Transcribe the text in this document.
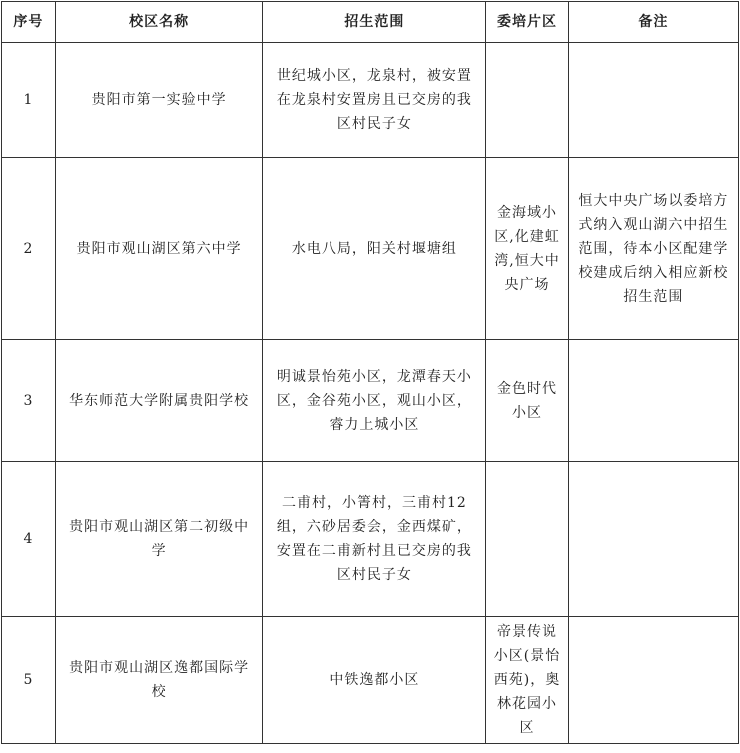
序号	校区名称	招生范围	委培片区	备注
1	贵阳市第一实验中学	世纪城小区，龙泉村，被安置在龙泉村安置房且已交房的我区村民子女		

2	贵阳市观山湖区第六中学	水电八局，阳关村堰塘组	金海域小区,化建虹湾,恒大中央广场	恒大中央广场以委培方式纳入观山湖六中招生范围，待本小区配建学校建成后纳入相应新校招生范围

3	华东师范大学附属贵阳学校	明诚景怡苑小区，龙潭春天小区，金谷苑小区，观山小区，睿力上城小区	金色时代小区	

4	贵阳市观山湖区第二初级中学	二甫村，小箐村，三甫村12组，六砂居委会，金西煤矿，安置在二甫新村且已交房的我区村民子女		

5	贵阳市观山湖区逸都国际学校	中铁逸都小区	帝景传说小区(景怡西苑)，奥林花园小区	
